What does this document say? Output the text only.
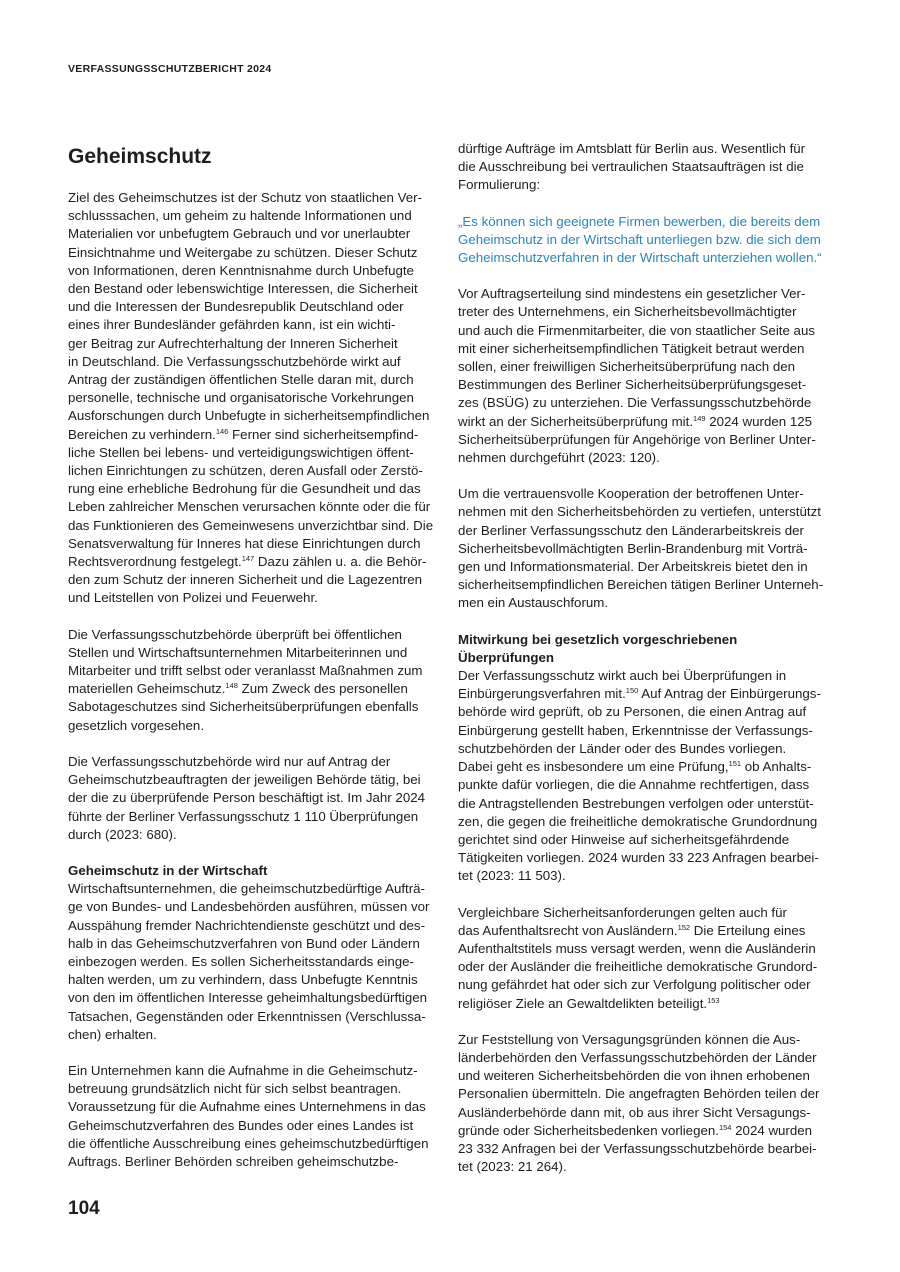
VERFASSUNGSSCHUTZBERICHT 2024
Geheimschutz

Ziel des Geheimschutzes ist der Schutz von staatlichen Ver-
schlusssachen, um geheim zu haltende Informationen und
Materialien vor unbefugtem Gebrauch und vor unerlaubter
Einsichtnahme und Weitergabe zu schützen. Dieser Schutz
von Informationen, deren Kenntnisnahme durch Unbefugte
den Bestand oder lebenswichtige Interessen, die Sicherheit
und die Interessen der Bundesrepublik Deutschland oder
eines ihrer Bundesländer gefährden kann, ist ein wichti-
ger Beitrag zur Aufrechterhaltung der Inneren Sicherheit
in Deutschland. Die Verfassungsschutzbehörde wirkt auf
Antrag der zuständigen öffentlichen Stelle daran mit, durch
personelle, technische und organisatorische Vorkehrungen
Ausforschungen durch Unbefugte in sicherheitsempfindlichen
Bereichen zu verhindern.$^{146}$ Ferner sind sicherheitsempfind-
liche Stellen bei lebens- und verteidigungswichtigen öffent-
lichen Einrichtungen zu schützen, deren Ausfall oder Zerstö-
rung eine erhebliche Bedrohung für die Gesundheit und das
Leben zahlreicher Menschen verursachen könnte oder die für
das Funktionieren des Gemeinwesens unverzichtbar sind. Die
Senatsverwaltung für Inneres hat diese Einrichtungen durch
Rechtsverordnung festgelegt.$^{147}$ Dazu zählen u. a. die Behör-
den zum Schutz der inneren Sicherheit und die Lagezentren
und Leitstellen von Polizei und Feuerwehr.

Die Verfassungsschutzbehörde überprüft bei öffentlichen
Stellen und Wirtschaftsunternehmen Mitarbeiterinnen und
Mitarbeiter und trifft selbst oder veranlasst Maßnahmen zum
materiellen Geheimschutz.$^{148}$ Zum Zweck des personellen
Sabotageschutzes sind Sicherheitsüberprüfungen ebenfalls
gesetzlich vorgesehen.

Die Verfassungsschutzbehörde wird nur auf Antrag der
Geheimschutzbeauftragten der jeweiligen Behörde tätig, bei
der die zu überprüfende Person beschäftigt ist. Im Jahr 2024
führte der Berliner Verfassungsschutz 1 110 Überprüfungen
durch (2023: 680).

Geheimschutz in der Wirtschaft

Wirtschaftsunternehmen, die geheimschutzbedürftige Aufträ-
ge von Bundes- und Landesbehörden ausführen, müssen vor
Ausspähung fremder Nachrichtendienste geschützt und des-
halb in das Geheimschutzverfahren von Bund oder Ländern
einbezogen werden. Es sollen Sicherheitsstandards einge-
halten werden, um zu verhindern, dass Unbefugte Kenntnis
von den im öffentlichen Interesse geheimhaltungsbedürftigen
Tatsachen, Gegenständen oder Erkenntnissen (Verschlussa-
chen) erhalten.

Ein Unternehmen kann die Aufnahme in die Geheimschutz-
betreuung grundsätzlich nicht für sich selbst beantragen.
Voraussetzung für die Aufnahme eines Unternehmens in das
Geheimschutzverfahren des Bundes oder eines Landes ist
die öffentliche Ausschreibung eines geheimschutzbedürftigen
Auftrags. Berliner Behörden schreiben geheimschutzbe-

dürftige Aufträge im Amtsblatt für Berlin aus. Wesentlich für
die Ausschreibung bei vertraulichen Staatsaufträgen ist die
Formulierung:

„Es können sich geeignete Firmen bewerben, die bereits dem
Geheimschutz in der Wirtschaft unterliegen bzw. die sich dem
Geheimschutzverfahren in der Wirtschaft unterziehen wollen.“

Vor Auftragserteilung sind mindestens ein gesetzlicher Ver-
treter des Unternehmens, ein Sicherheitsbevollmächtigter
und auch die Firmenmitarbeiter, die von staatlicher Seite aus
mit einer sicherheitsempfindlichen Tätigkeit betraut werden
sollen, einer freiwilligen Sicherheitsüberprüfung nach den
Bestimmungen des Berliner Sicherheitsüberprüfungsgeset-
zes (BSÜG) zu unterziehen. Die Verfassungsschutzbehörde
wirkt an der Sicherheitsüberprüfung mit.$^{149}$ 2024 wurden 125
Sicherheitsüberprüfungen für Angehörige von Berliner Unter-
nehmen durchgeführt (2023: 120).

Um die vertrauensvolle Kooperation der betroffenen Unter-
nehmen mit den Sicherheitsbehörden zu vertiefen, unterstützt
der Berliner Verfassungsschutz den Länderarbeitskreis der
Sicherheitsbevollmächtigten Berlin-Brandenburg mit Vorträ-
gen und Informationsmaterial. Der Arbeitskreis bietet den in
sicherheitsempfindlichen Bereichen tätigen Berliner Unterneh-
men ein Austauschforum.

Mitwirkung bei gesetzlich vorgeschriebenen Überprüfungen

Der Verfassungsschutz wirkt auch bei Überprüfungen in
Einbürgerungsverfahren mit.$^{150}$ Auf Antrag der Einbürgerungs-
behörde wird geprüft, ob zu Personen, die einen Antrag auf
Einbürgerung gestellt haben, Erkenntnisse der Verfassungs-
schutzbehörden der Länder oder des Bundes vorliegen.
Dabei geht es insbesondere um eine Prüfung,$^{151}$ ob Anhalts-
punkte dafür vorliegen, die die Annahme rechtfertigen, dass
die Antragstellenden Bestrebungen verfolgen oder unterstüt-
zen, die gegen die freiheitliche demokratische Grundordnung
gerichtet sind oder Hinweise auf sicherheitsgefährdende
Tätigkeiten vorliegen. 2024 wurden 33 223 Anfragen bearbei-
tet (2023: 11 503).

Vergleichbare Sicherheitsanforderungen gelten auch für
das Aufenthaltsrecht von Ausländern.$^{152}$ Die Erteilung eines
Aufenthaltstitels muss versagt werden, wenn die Ausländerin
oder der Ausländer die freiheitliche demokratische Grundord-
nung gefährdet hat oder sich zur Verfolgung politischer oder
religiöser Ziele an Gewaltdelikten beteiligt.$^{153}$

Zur Feststellung von Versagungsgründen können die Aus-
länderbehörden den Verfassungsschutzbehörden der Länder
und weiteren Sicherheitsbehörden die von ihnen erhobenen
Personalien übermitteln. Die angefragten Behörden teilen der
Ausländerbehörde dann mit, ob aus ihrer Sicht Versagungs-
gründe oder Sicherheitsbedenken vorliegen.$^{154}$ 2024 wurden
23 332 Anfragen bei der Verfassungsschutzbehörde bearbei-
tet (2023: 21 264).

104
